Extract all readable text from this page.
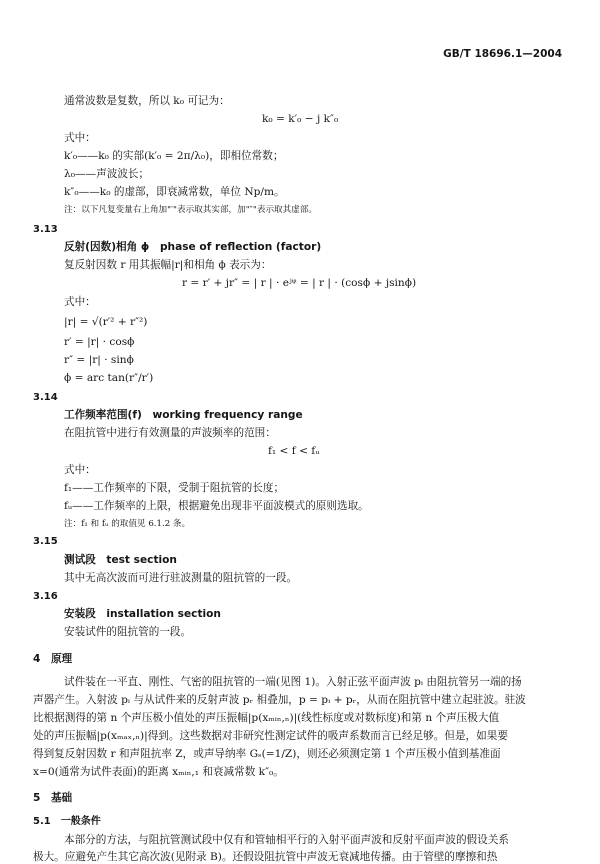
GB/T 18696.1—2004
通常波数是复数，所以 k₀ 可记为：
k₀ = k′₀ − j k″₀
式中：
k′₀——k₀ 的实部(k′₀ = 2π/λ₀)，即相位常数；
λ₀——声波波长；
k″₀——k₀ 的虚部，即衰减常数，单位 Np/m。
注：以下凡复变量右上角加"′"表示取其实部，加"″"表示取其虚部。
3.13
反射(因数)相角 ϕ　phase of reflection (factor)
复反射因数 r 用其振幅|r|和相角 ϕ 表示为：
r = r′ + jr″ = | r | · eʲᵠ = | r | · (cosϕ + jsinϕ)
式中：
|r| = √(r′² + r″²)
r′ = |r| · cosϕ
r″ = |r| · sinϕ
ϕ = arc tan(r″/r′)
3.14
工作频率范围(f)　working frequency range
在阻抗管中进行有效测量的声波频率的范围：
f₁ < f < fᵤ
式中：
f₁——工作频率的下限，受制于阻抗管的长度；
fᵤ——工作频率的上限，根据避免出现非平面波模式的原则选取。
注：f₁ 和 fᵤ 的取值见 6.1.2 条。
3.15
测试段　test section
其中无高次波而可进行驻波测量的阻抗管的一段。
3.16
安装段　installation section
安装试件的阻抗管的一段。
4　原理
试件装在一平直、刚性、气密的阻抗管的一端(见图 1)。入射正弦平面声波 pᵢ 由阻抗管另一端的扬
声器产生。入射波 pᵢ 与从试件来的反射声波 pᵣ 相叠加，p = pᵢ + pᵣ，从而在阻抗管中建立起驻波。驻波
比根据测得的第 n 个声压极小值处的声压振幅|p(xₘᵢₙ,ₙ)|(线性标度或对数标度)和第 n 个声压极大值
处的声压振幅|p(xₘₐₓ,ₙ)|得到。这些数据对非研究性测定试件的吸声系数而言已经足够。但是，如果要
得到复反射因数 r 和声阻抗率 Z，或声导纳率 Gₛ(=1/Z)，则还必须测定第 1 个声压极小值到基准面
x=0(通常为试件表面)的距离 xₘᵢₙ,₁ 和衰减常数 k″₀。
5　基础
5.1　一般条件
本部分的方法，与阻抗管测试段中仅有和管轴相平行的入射平面声波和反射平面声波的假设关系
极大。应避免产生其它高次波(见附录 B)。还假设阻抗管中声波无衰减地传播。由于管壁的摩擦和热
